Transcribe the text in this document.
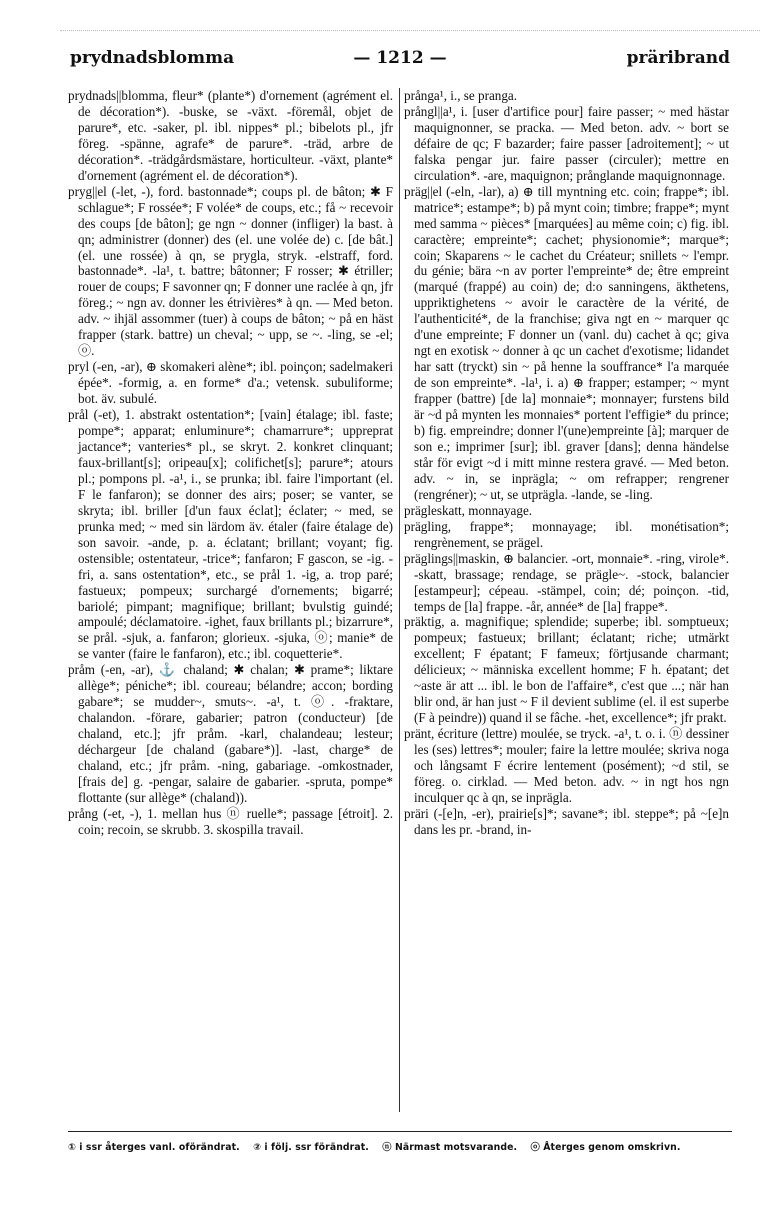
prydnadsblomma	— 1212 —	präribrand

prydnads||blomma, fleur* (plante*) d'ornement (agrément el. de décoration*). -buske, se -växt. -föremål, objet de parure*, etc. -saker, pl. ibl. nippes* pl.; bibelots pl., jfr föreg. -spänne, agrafe* de parure*. -träd, arbre de décoration*. -trädgårdsmästare, horticulteur. -växt, plante* d'ornement (agrément el. de décoration*).

pryg||el (-let, -), ford. bastonnade*; coups pl. de bâton; ✱ F schlague*; F rossée*; F volée* de coups, etc.; få ~ recevoir des coups [de bâton]; ge ngn ~ donner (infliger) la bast. à qn; administrer (donner) des (el. une volée de) c. [de bât.] (el. une rossée) à qn, se prygla, stryk. -elstraff, ford. bastonnade*. -la¹, t. battre; bâtonner; F rosser; ✱ étriller; rouer de coups; F savonner qn; F donner une raclée à qn, jfr föreg.; ~ ngn av. donner les étrivières* à qn. — Med beton. adv. ~ ihjäl assommer (tuer) à coups de bâton; ~ på en häst frapper (stark. battre) un cheval; ~ upp, se ~. -ling, se -el; ⓞ.

pryl (-en, -ar), ⊕ skomakeri alène*; ibl. poinçon; sadelmakeri épée*. -formig, a. en forme* d'a.; vetensk. subuliforme; bot. äv. subulé.

prål (-et), 1. abstrakt ostentation*; [vain] étalage; ibl. faste; pompe*; apparat; enluminure*; chamarrure*; uppreprat jactance*; vanteries* pl., se skryt. 2. konkret clinquant; faux-brillant[s]; oripeau[x]; colifichet[s]; parure*; atours pl.; pompons pl. -a¹, i., se prunka; ibl. faire l'important (el. F le fanfaron); se donner des airs; poser; se vanter, se skryta; ibl. briller [d'un faux éclat]; éclater; ~ med, se prunka med; ~ med sin lärdom äv. étaler (faire étalage de) son savoir. -ande, p. a. éclatant; brillant; voyant; fig. ostensible; ostentateur, -trice*; fanfaron; F gascon, se -ig. -fri, a. sans ostentation*, etc., se prål 1. -ig, a. trop paré; fastueux; pompeux; surchargé d'ornements; bigarré; bariolé; pimpant; magnifique; brillant; bvulstig guindé; ampoulé; déclamatoire. -ighet, faux brillants pl.; bizarrure*, se prål. -sjuk, a. fanfaron; glorieux. -sjuka, ⓞ; manie* de se vanter (faire le fanfaron), etc.; ibl. coquetterie*.

pråm (-en, -ar), ⚓ chaland; ✱ chalan; ✱ prame*; liktare allège*; péniche*; ibl. coureau; bélandre; accon; bording gabare*; se mudder~, smuts~. -a¹, t. ⓞ. -fraktare, chalandon. -förare, gabarier; patron (conducteur) [de chaland, etc.]; jfr pråm. -karl, chalandeau; lesteur; déchargeur [de chaland (gabare*)]. -last, charge* de chaland, etc.; jfr pråm. -ning, gabariage. -omkostnader, [frais de] g. -pengar, salaire de gabarier. -spruta, pompe* flottante (sur allège* (chaland)).

prång (-et, -), 1. mellan hus ⓝ ruelle*; passage [étroit]. 2. coin; recoin, se skrubb. 3. skospilla travail.

prånga¹, i., se pranga.

prångl||a¹, i. [user d'artifice pour] faire passer; ~ med hästar maquignonner, se pracka. — Med beton. adv. ~ bort se défaire de qc; F bazarder; faire passer [adroitement]; ~ ut falska pengar jur. faire passer (circuler); mettre en circulation*. -are, maquignon; prånglande maquignonnage.

präg||el (-eln, -lar), a) ⊕ till myntning etc. coin; frappe*; ibl. matrice*; estampe*; b) på mynt coin; timbre; frappe*; mynt med samma ~ pièces* [marquées] au même coin; c) fig. ibl. caractère; empreinte*; cachet; physionomie*; marque*; coin; Skaparens ~ le cachet du Créateur; snillets ~ l'empr. du génie; bära ~n av porter l'empreinte* de; être empreint (marqué (frappé) au coin) de; d:o sanningens, äkthetens, uppriktighetens ~ avoir le caractère de la vérité, de l'authenticité*, de la franchise; giva ngt en ~ marquer qc d'une empreinte; F donner un (vanl. du) cachet à qc; giva ngt en exotisk ~ donner à qc un cachet d'exotisme; lidandet har satt (tryckt) sin ~ på henne la souffrance* l'a marquée de son empreinte*. -la¹, i. a) ⊕ frapper; estamper; ~ mynt frapper (battre) [de la] monnaie*; monnayer; furstens bild är ~d på mynten les monnaies* portent l'effigie* du prince; b) fig. empreindre; donner l'(une)empreinte [à]; marquer de son e.; imprimer [sur]; ibl. graver [dans]; denna händelse står för evigt ~d i mitt minne restera gravé. — Med beton. adv. ~ in, se inprägla; ~ om refrapper; rengrener (rengréner); ~ ut, se utprägla. -lande, se -ling.

prägleskatt, monnayage.

prägling, frappe*; monnayage; ibl. monétisation*; rengrènement, se prägel.

präglings||maskin, ⊕ balancier. -ort, monnaie*. -ring, virole*. -skatt, brassage; rendage, se prägle~. -stock, balancier [estampeur]; cépeau. -stämpel, coin; dé; poinçon. -tid, temps de [la] frappe. -år, année* de [la] frappe*.

präktig, a. magnifique; splendide; superbe; ibl. somptueux; pompeux; fastueux; brillant; éclatant; riche; utmärkt excellent; F épatant; F fameux; förtjusande charmant; délicieux; ~ människa excellent homme; F h. épatant; det ~aste är att ... ibl. le bon de l'affaire*, c'est que ...; när han blir ond, är han just ~ F il devient sublime (el. il est superbe (F à peindre)) quand il se fâche. -het, excellence*; jfr prakt.

pränt, écriture (lettre) moulée, se tryck. -a¹, t. o. i. ⓝ dessiner les (ses) lettres*; mouler; faire la lettre moulée; skriva noga och långsamt F écrire lentement (posément); ~d stil, se föreg. o. cirklad. — Med beton. adv. ~ in ngt hos ngn inculquer qc à qn, se inprägla.

präri (-[e]n, -er), prairie[s]*; savane*; ibl. steppe*; på ~[e]n dans les pr. -brand, in-

① i ssr återges vanl. oförändrat. ② i följ. ssr förändrat. ⓝ Närmast motsvarande. ⓞ Återges genom omskrivn.
